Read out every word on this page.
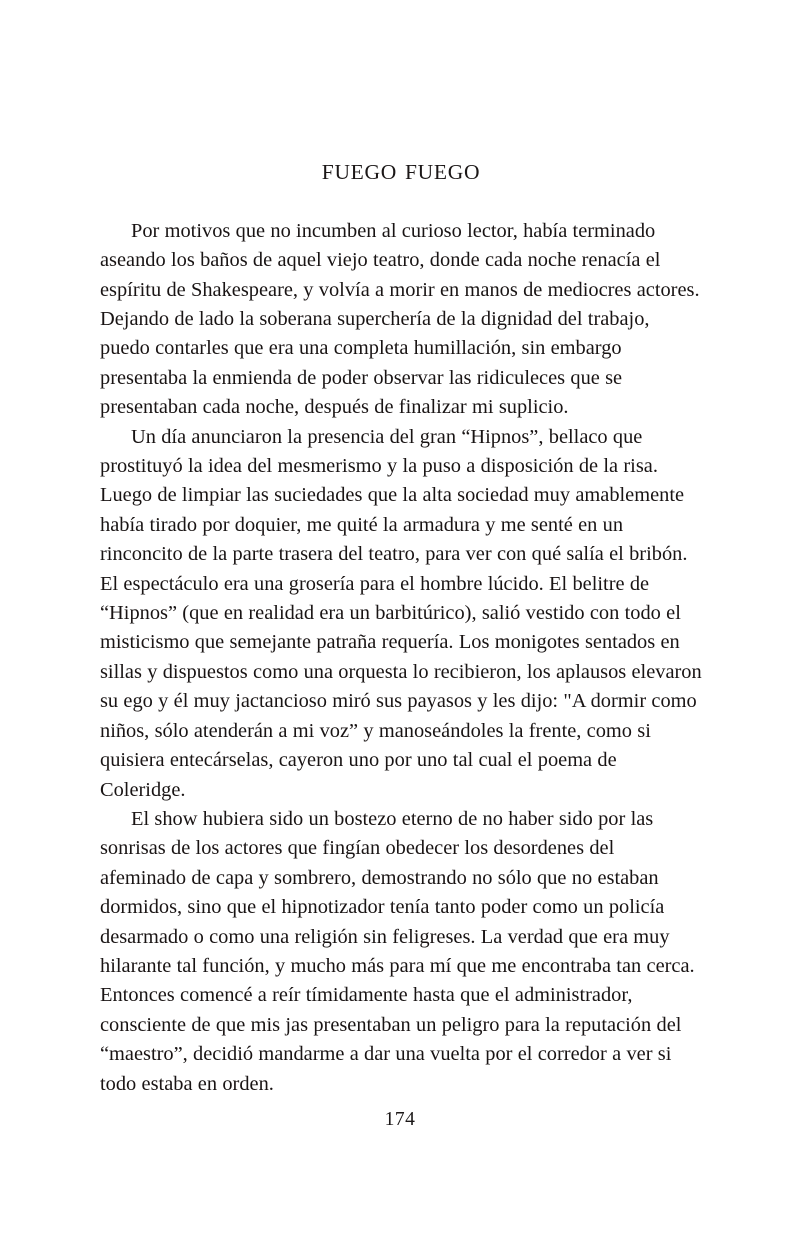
FUEGO FUEGO

Por motivos que no incumben al curioso lector, había terminado aseando los baños de aquel viejo teatro, donde cada noche renacía el espíritu de Shakespeare, y volvía a morir en manos de mediocres actores. Dejando de lado la soberana superchería de la dignidad del trabajo, puedo contarles que era una completa humillación, sin embargo presentaba la enmienda de poder observar las ridiculeces que se presentaban cada noche, después de finalizar mi suplicio.

Un día anunciaron la presencia del gran “Hipnos”, bellaco que prostituyó la idea del mesmerismo y la puso a disposición de la risa. Luego de limpiar las suciedades que la alta sociedad muy amablemente había tirado por doquier, me quité la armadura y me senté en un rinconcito de la parte trasera del teatro, para ver con qué salía el bribón. El espectáculo era una grosería para el hombre lúcido. El belitre de “Hipnos” (que en realidad era un barbitúrico), salió vestido con todo el misticismo que semejante patraña requería. Los monigotes sentados en sillas y dispuestos como una orquesta lo recibieron, los aplausos elevaron su ego y él muy jactancioso miró sus payasos y les dijo: "A dormir como niños, sólo atenderán a mi voz” y manoseándoles la frente, como si quisiera entecárselas, cayeron uno por uno tal cual el poema de Coleridge.

El show hubiera sido un bostezo eterno de no haber sido por las sonrisas de los actores que fingían obedecer los desordenes del afeminado de capa y sombrero, demostrando no sólo que no estaban dormidos, sino que el hipnotizador tenía tanto poder como un policía desarmado o como una religión sin feligreses. La verdad que era muy hilarante tal función, y mucho más para mí que me encontraba tan cerca. Entonces comencé a reír tímidamente hasta que el administrador, consciente de que mis jas presentaban un peligro para la reputación del “maestro”, decidió mandarme a dar una vuelta por el corredor a ver si todo estaba en orden.

174
